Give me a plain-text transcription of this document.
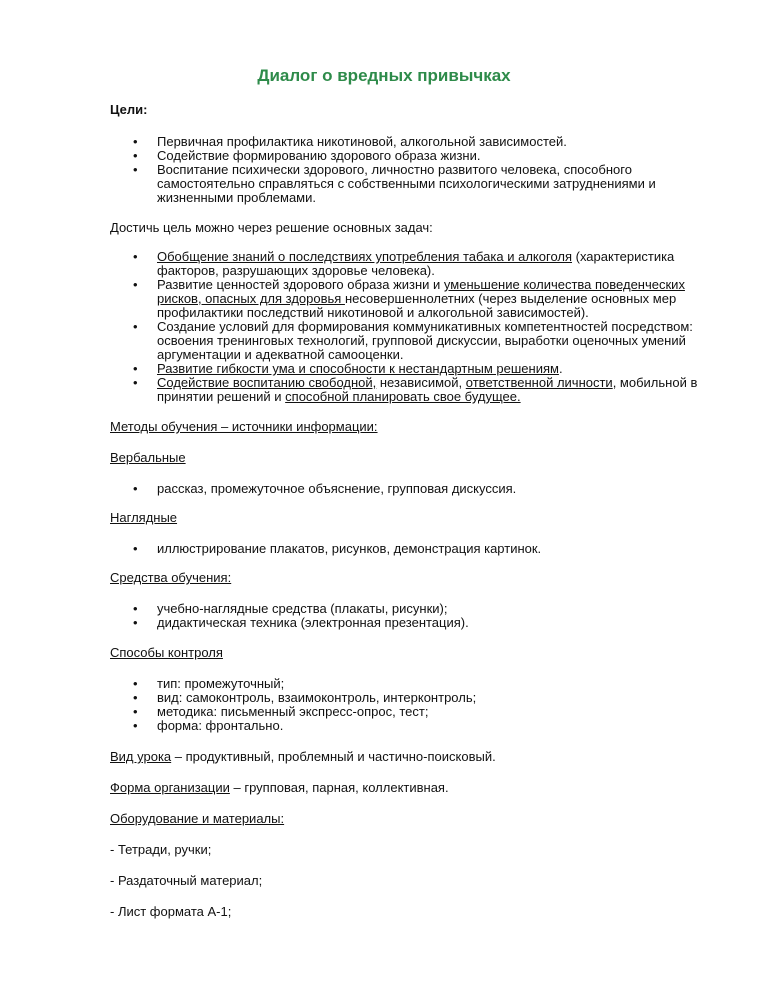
Диалог о вредных привычках

Цели:

• Первичная профилактика никотиновой, алкогольной зависимостей.
• Содействие формированию здорового образа жизни.
• Воспитание психически здорового, личностно развитого человека, способного самостоятельно справляться с собственными психологическими затруднениями и жизненными проблемами.

Достичь цель можно через решение основных задач:

• Обобщение знаний о последствиях употребления табака и алкоголя (характеристика факторов, разрушающих здоровье человека).
• Развитие ценностей здорового образа жизни и уменьшение количества поведенческих рисков, опасных для здоровья несовершеннолетних (через выделение основных мер профилактики последствий никотиновой и алкогольной зависимостей).
• Создание условий для формирования коммуникативных компетентностей посредством: освоения тренинговых технологий, групповой дискуссии, выработки оценочных умений аргументации и адекватной самооценки.
• Развитие гибкости ума и способности к нестандартным решениям.
• Содействие воспитанию свободной, независимой, ответственной личности, мобильной в принятии решений и способной планировать свое будущее.

Методы обучения – источники информации:

Вербальные

• рассказ, промежуточное объяснение, групповая дискуссия.

Наглядные

• иллюстрирование плакатов, рисунков, демонстрация картинок.

Средства обучения:

• учебно-наглядные средства (плакаты, рисунки);
• дидактическая техника (электронная презентация).

Способы контроля

• тип: промежуточный;
• вид: самоконтроль, взаимоконтроль, интерконтроль;
• методика: письменный экспресс-опрос, тест;
• форма: фронтально.

Вид урока – продуктивный, проблемный и частично-поисковый.

Форма организации – групповая, парная, коллективная.

Оборудование и материалы:

- Тетради, ручки;

- Раздаточный материал;

- Лист формата А-1;
